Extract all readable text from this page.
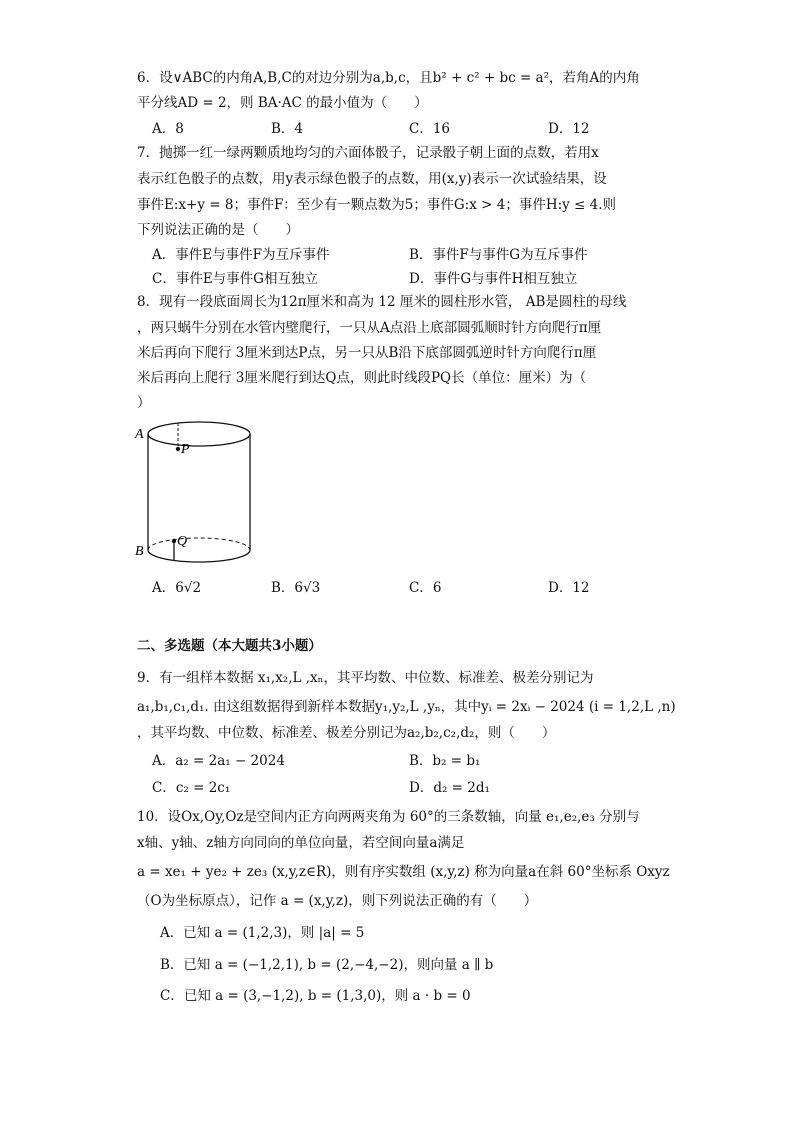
6．设∨ABC的内角A,B,C的对边分别为a,b,c，且b² + c² + bc = a²，若角A的内角
平分线AD = 2，则 BA·AC 的最小值为（　　）
A．8	B．4	C．16	D．12
7．抛掷一红一绿两颗质地均匀的六面体骰子，记录骰子朝上面的点数，若用x
表示红色骰子的点数，用y表示绿色骰子的点数，用(x,y)表示一次试验结果，设
事件E:x+y = 8；事件F：至少有一颗点数为5；事件G:x > 4；事件H:y ≤ 4.则
下列说法正确的是（　　）
A．事件E与事件F为互斥事件	B．事件F与事件G为互斥事件
C．事件E与事件G相互独立	D．事件G与事件H相互独立
8．现有一段底面周长为12π厘米和高为 12 厘米的圆柱形水管， AB是圆柱的母线
，两只蜗牛分别在水管内壁爬行，一只从A点沿上底部圆弧顺时针方向爬行π厘
米后再向下爬行 3厘米到达P点，另一只从B沿下底部圆弧逆时针方向爬行π厘
米后再向上爬行 3厘米爬行到达Q点，则此时线段PQ长（单位：厘米）为（
）
A
P
Q
B
A．6√2	B．6√3	C．6	D．12
二、多选题（本大题共3小题）
9．有一组样本数据 x₁,x₂,L ,xₙ，其平均数、中位数、标准差、极差分别记为
a₁,b₁,c₁,d₁. 由这组数据得到新样本数据y₁,y₂,L ,yₙ，其中yᵢ = 2xᵢ − 2024 (i = 1,2,L ,n)
，其平均数、中位数、标准差、极差分别记为a₂,b₂,c₂,d₂，则（　　）
A．a₂ = 2a₁ − 2024	B．b₂ = b₁
C．c₂ = 2c₁	D．d₂ = 2d₁
10．设Ox,Oy,Oz是空间内正方向两两夹角为 60°的三条数轴，向量 e₁,e₂,e₃ 分别与
x轴、y轴、z轴方向同向的单位向量，若空间向量a满足
a = xe₁ + ye₂ + ze₃ (x,y,z∈R)，则有序实数组 (x,y,z) 称为向量a在斜 60°坐标系 Oxyz
（O为坐标原点），记作 a = (x,y,z)，则下列说法正确的有（　　）
A．已知 a = (1,2,3)，则 |a| = 5
B．已知 a = (−1,2,1), b = (2,−4,−2)，则向量 a ∥ b
C．已知 a = (3,−1,2), b = (1,3,0)，则 a · b = 0
